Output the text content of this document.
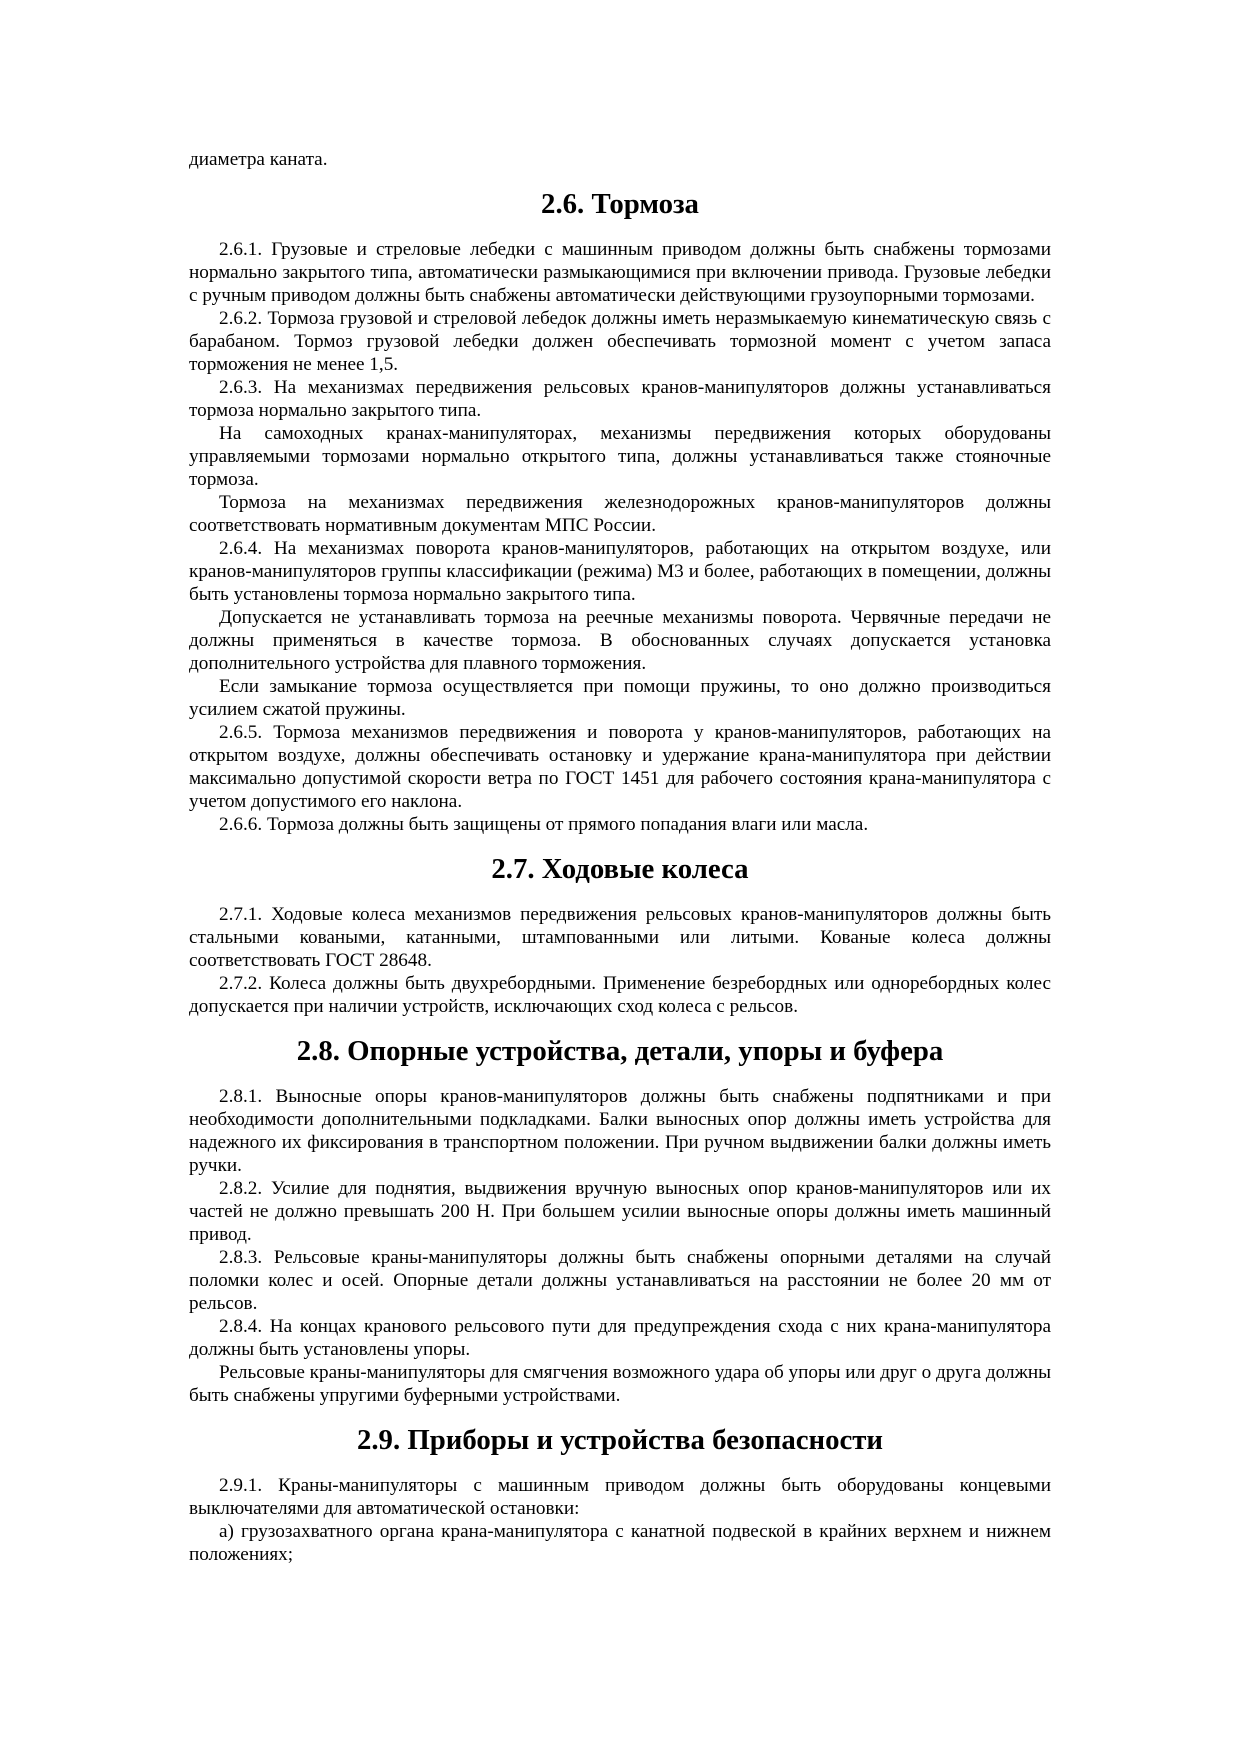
диаметра каната.

2.6. Тормоза

2.6.1. Грузовые и стреловые лебедки с машинным приводом должны быть снабжены тормозами нормально закрытого типа, автоматически размыкающимися при включении привода. Грузовые лебедки с ручным приводом должны быть снабжены автоматически действующими грузоупорными тормозами.

2.6.2. Тормоза грузовой и стреловой лебедок должны иметь неразмыкаемую кинематическую связь с барабаном. Тормоз грузовой лебедки должен обеспечивать тормозной момент с учетом запаса торможения не менее 1,5.

2.6.3. На механизмах передвижения рельсовых кранов-манипуляторов должны устанавливаться тормоза нормально закрытого типа.

На самоходных кранах-манипуляторах, механизмы передвижения которых оборудованы управляемыми тормозами нормально открытого типа, должны устанавливаться также стояночные тормоза.

Тормоза на механизмах передвижения железнодорожных кранов-манипуляторов должны соответствовать нормативным документам МПС России.

2.6.4. На механизмах поворота кранов-манипуляторов, работающих на открытом воздухе, или кранов-манипуляторов группы классификации (режима) М3 и более, работающих в помещении, должны быть установлены тормоза нормально закрытого типа.

Допускается не устанавливать тормоза на реечные механизмы поворота. Червячные передачи не должны применяться в качестве тормоза. В обоснованных случаях допускается установка дополнительного устройства для плавного торможения.

Если замыкание тормоза осуществляется при помощи пружины, то оно должно производиться усилием сжатой пружины.

2.6.5. Тормоза механизмов передвижения и поворота у кранов-манипуляторов, работающих на открытом воздухе, должны обеспечивать остановку и удержание крана-манипулятора при действии максимально допустимой скорости ветра по ГОСТ 1451 для рабочего состояния крана-манипулятора с учетом допустимого его наклона.

2.6.6. Тормоза должны быть защищены от прямого попадания влаги или масла.

2.7. Ходовые колеса

2.7.1. Ходовые колеса механизмов передвижения рельсовых кранов-манипуляторов должны быть стальными коваными, катанными, штампованными или литыми. Кованые колеса должны соответствовать ГОСТ 28648.

2.7.2. Колеса должны быть двухребордными. Применение безребордных или одноребордных колес допускается при наличии устройств, исключающих сход колеса с рельсов.

2.8. Опорные устройства, детали, упоры и буфера

2.8.1. Выносные опоры кранов-манипуляторов должны быть снабжены подпятниками и при необходимости дополнительными подкладками. Балки выносных опор должны иметь устройства для надежного их фиксирования в транспортном положении. При ручном выдвижении балки должны иметь ручки.

2.8.2. Усилие для поднятия, выдвижения вручную выносных опор кранов-манипуляторов или их частей не должно превышать 200 Н. При большем усилии выносные опоры должны иметь машинный привод.

2.8.3. Рельсовые краны-манипуляторы должны быть снабжены опорными деталями на случай поломки колес и осей. Опорные детали должны устанавливаться на расстоянии не более 20 мм от рельсов.

2.8.4. На концах кранового рельсового пути для предупреждения схода с них крана-манипулятора должны быть установлены упоры.

Рельсовые краны-манипуляторы для смягчения возможного удара об упоры или друг о друга должны быть снабжены упругими буферными устройствами.

2.9. Приборы и устройства безопасности

2.9.1. Краны-манипуляторы с машинным приводом должны быть оборудованы концевыми выключателями для автоматической остановки:

а) грузозахватного органа крана-манипулятора с канатной подвеской в крайних верхнем и нижнем положениях;
